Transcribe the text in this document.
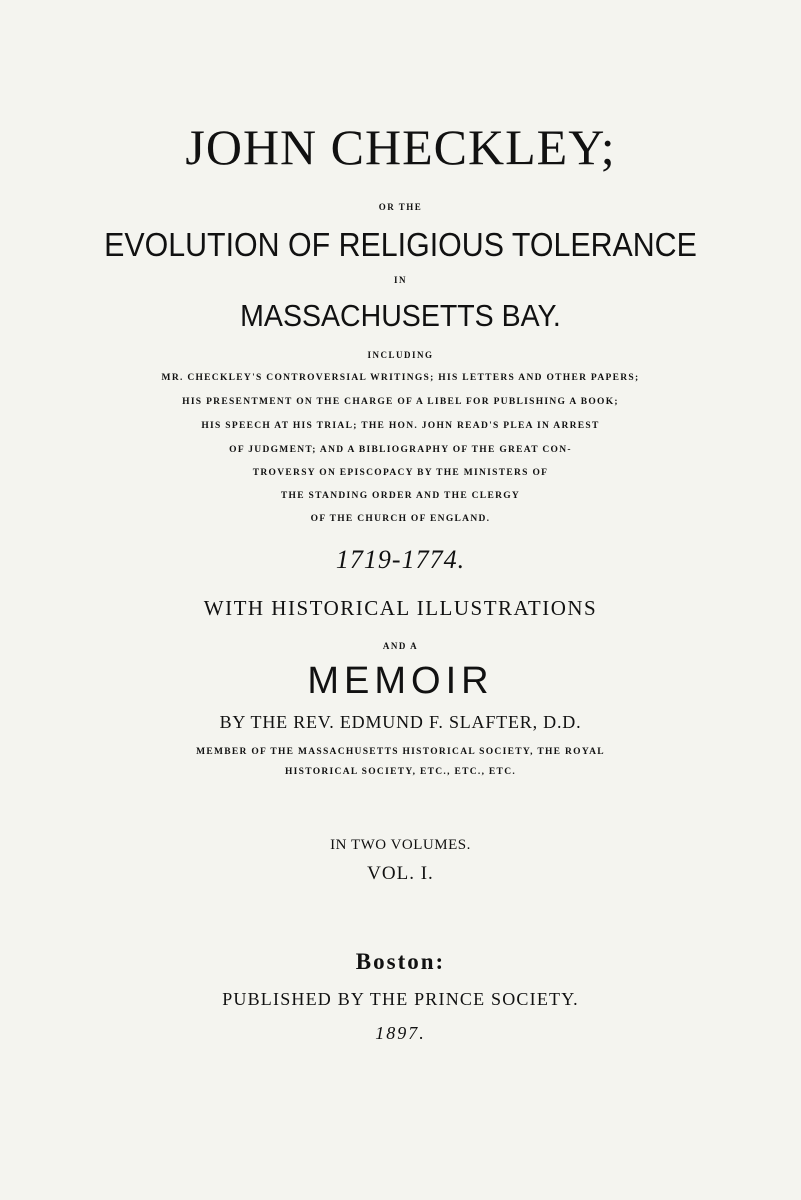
JOHN CHECKLEY;
OR THE
EVOLUTION OF RELIGIOUS TOLERANCE
IN
MASSACHUSETTS BAY.
INCLUDING
MR. CHECKLEY'S CONTROVERSIAL WRITINGS; HIS LETTERS AND OTHER PAPERS;
HIS PRESENTMENT ON THE CHARGE OF A LIBEL FOR PUBLISHING A BOOK;
HIS SPEECH AT HIS TRIAL; THE HON. JOHN READ'S PLEA IN ARREST
OF JUDGMENT; AND A BIBLIOGRAPHY OF THE GREAT CON-
TROVERSY ON EPISCOPACY BY THE MINISTERS OF
THE STANDING ORDER AND THE CLERGY
OF THE CHURCH OF ENGLAND.
1719-1774.
WITH HISTORICAL ILLUSTRATIONS
AND A
MEMOIR
BY THE REV. EDMUND F. SLAFTER, D.D.
MEMBER OF THE MASSACHUSETTS HISTORICAL SOCIETY, THE ROYAL
HISTORICAL SOCIETY, ETC., ETC., ETC.
IN TWO VOLUMES.
VOL. I.
Boston:
PUBLISHED BY THE PRINCE SOCIETY.
1897.
